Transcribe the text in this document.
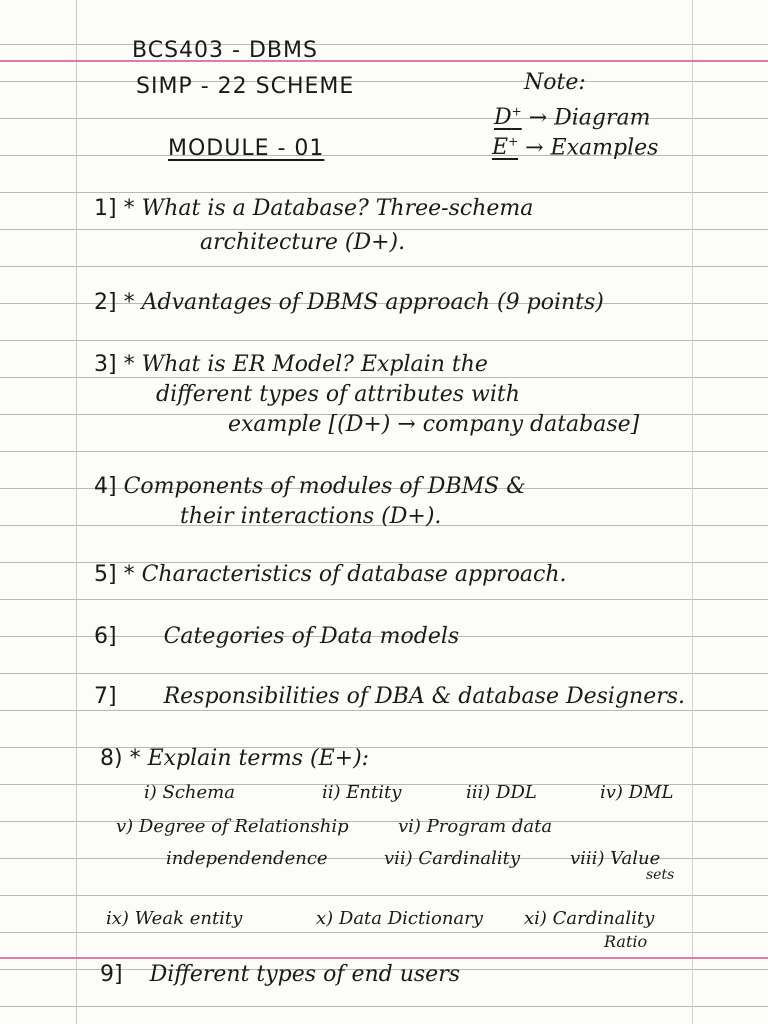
BCS403 - DBMS
SIMP - 22 SCHEME
MODULE - 01
Note:
D+ → Diagram
E+ → Examples
1] * What is a Database? Three-schema
architecture (D+).
2] * Advantages of DBMS approach (9 points)
3] * What is ER Model? Explain the
different types of attributes with
example [(D+) → company database]
4] Components of modules of DBMS &
their interactions (D+).
5] * Characteristics of database approach.
6] Categories of Data models
7] Responsibilities of DBA & database Designers.
8) * Explain terms (E+):
i) Schema	ii) Entity	iii) DDL	iv) DML
v) Degree of Relationship	vi) Program data
independendence	vii) Cardinality	viii) Value
sets
ix) Weak entity	x) Data Dictionary xi) Cardinality
Ratio
9] Different types of end users
